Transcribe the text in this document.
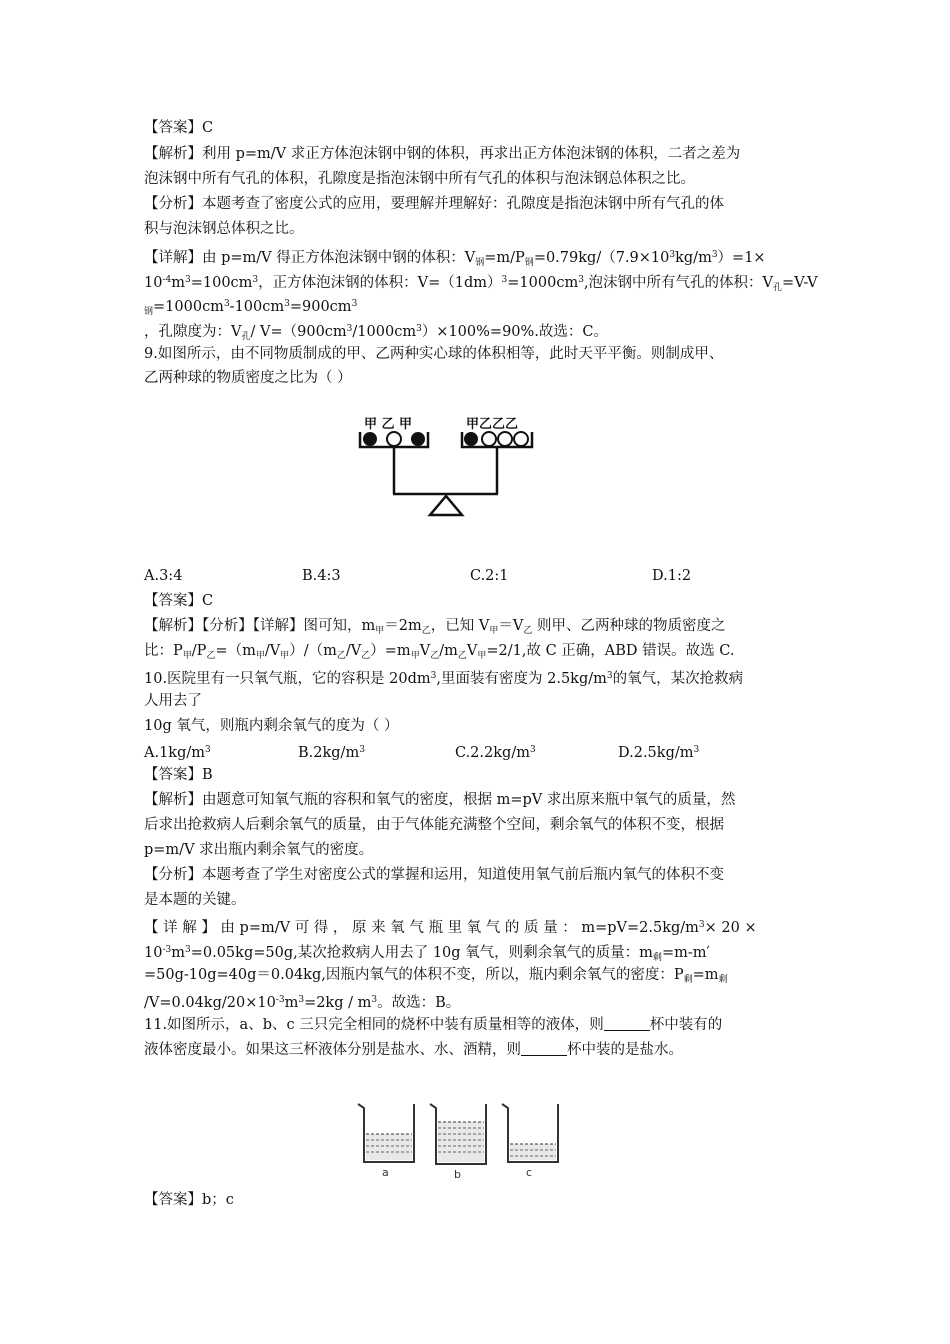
【答案】C
【解析】利用 p=m/V 求正方体泡沫钢中钢的体积，再求出正方体泡沫钢的体积，二者之差为
泡沫钢中所有气孔的体积，孔隙度是指泡沫钢中所有气孔的体积与泡沫钢总体积之比。
【分析】本题考查了密度公式的应用，要理解并理解好：孔隙度是指泡沫钢中所有气孔的体
积与泡沫钢总体积之比。
【详解】由 p=m/V 得正方体泡沫钢中钢的体积：$V_钢=m/P_钢=0.79kg/(7.9\times 10^3kg/m^3)=1\times$
$10^{-4}m^3=100cm^3$，正方体泡沫钢的体积：$V=(1dm)^3=1000cm^3$,泡沫钢中所有气孔的体积：$V_孔=V-V$
$_钢=1000cm^3-100cm^3=900cm^3$
，孔隙度为：$V_孔/$ $V=(900cm^3/1000cm^3)\times 100\%=90\%$.故选：C。
9.如图所示，由不同物质制成的甲、乙两种实心球的体积相等，此时天平平衡。则制成甲、
乙两种球的物质密度之比为（ ）
甲 乙 甲	甲乙乙乙
A.3:4	B.4:3	C.2:1	D.1:2
【答案】C
【解析】【分析】【详解】图可知，$m_甲=2m_乙$，已知 $V_甲=V_乙$ 则甲、乙两种球的物质密度之
比：$P_甲/P_乙=(m_甲/V_甲)/(m_乙/V_乙)=m_甲V_乙/m_乙V_甲=2/1$,故 C 正确，ABD 错误。故选 C.
10.医院里有一只氧气瓶，它的容积是 $20dm^3$,里面装有密度为 $2.5kg/m^3$的氧气，某次抢救病
人用去了
10g 氧气，则瓶内剩余氧气的度为（ ）
$A.1kg/m^3$	$B.2kg/m^3$	$C.2.2kg/m^3$	$D.2.5kg/m^3$
【答案】B
【解析】由题意可知氧气瓶的容积和氧气的密度，根据 m=pV 求出原来瓶中氧气的质量，然
后求出抢救病人后剩余氧气的质量，由于气体能充满整个空间，剩余氧气的体积不变，根据
p=m/V 求出瓶内剩余氧气的密度。
【分析】本题考查了学生对密度公式的掌握和运用，知道使用氧气前后瓶内氧气的体积不变
是本题的关键。
【 详 解 】 由 p=m/V 可 得 ， 原 来 氧 气 瓶 里 氧 气 的 质 量 ： $m=pV=2.5kg/m^3\times 20$ ×
$10^{-3}m^3=0.05kg=50g$,某次抢救病人用去了 10g 氧气，则剩余氧气的质量：$m_剩=m-m'$
=50g-10g=40g＝0.04kg,因瓶内氧气的体积不变，所以，瓶内剩余氧气的密度：$P_剩=m_剩$
$/V=0.04kg/20\times 10^{-3}m^3=2kg / m^3$。故选：B。
11.如图所示，a、b、c 三只完全相同的烧杯中装有质量相等的液体，则	杯中装有的
液体密度最小。如果这三杯液体分别是盐水、水、酒精，则	杯中装的是盐水。
a	b	c
【答案】b；c
